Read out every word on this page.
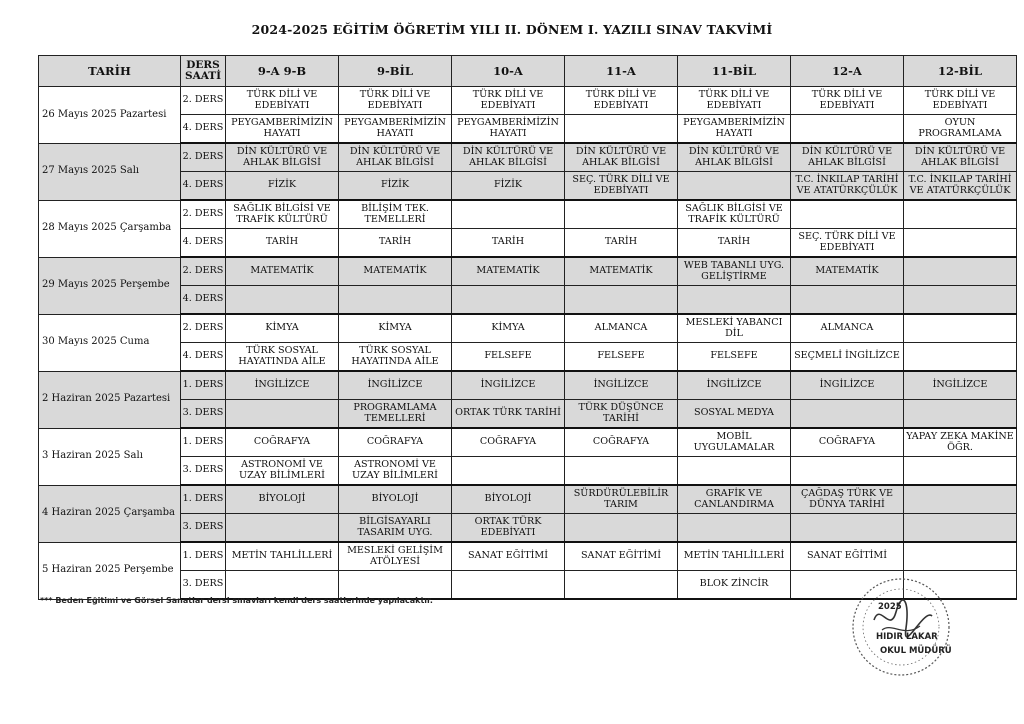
2024-2025 EĞİTİM ÖĞRETİM YILI II. DÖNEM I. YAZILI SINAV TAKVİMİ
TARİH	DERS SAATİ	9-A 9-B	9-BİL	10-A	11-A	11-BİL	12-A	12-BİL
26 Mayıs 2025 Pazartesi	2. DERS	TÜRK DİLİ VE EDEBİYATI	TÜRK DİLİ VE EDEBİYATI	TÜRK DİLİ VE EDEBİYATI	TÜRK DİLİ VE EDEBİYATI	TÜRK DİLİ VE EDEBİYATI	TÜRK DİLİ VE EDEBİYATI	TÜRK DİLİ VE EDEBİYATI
	4. DERS	PEYGAMBERİMİZİN HAYATI	PEYGAMBERİMİZİN HAYATI	PEYGAMBERİMİZİN HAYATI		PEYGAMBERİMİZİN HAYATI		OYUN PROGRAMLAMA
27 Mayıs 2025 Salı	2. DERS	DİN KÜLTÜRÜ VE AHLAK BİLGİSİ	DİN KÜLTÜRÜ VE AHLAK BİLGİSİ	DİN KÜLTÜRÜ VE AHLAK BİLGİSİ	DİN KÜLTÜRÜ VE AHLAK BİLGİSİ	DİN KÜLTÜRÜ VE AHLAK BİLGİSİ	DİN KÜLTÜRÜ VE AHLAK BİLGİSİ	DİN KÜLTÜRÜ VE AHLAK BİLGİSİ
	4. DERS	FİZİK	FİZİK	FİZİK	SEÇ. TÜRK DİLİ VE EDEBİYATI		T.C. İNKILAP TARİHİ VE ATATÜRKÇÜLÜK	T.C. İNKILAP TARİHİ VE ATATÜRKÇÜLÜK
28 Mayıs 2025 Çarşamba	2. DERS	SAĞLIK BİLGİSİ VE TRAFİK KÜLTÜRÜ	BİLİŞİM TEK. TEMELLERİ			SAĞLIK BİLGİSİ VE TRAFİK KÜLTÜRÜ		
	4. DERS	TARİH	TARİH	TARİH	TARİH	TARİH	SEÇ. TÜRK DİLİ VE EDEBİYATI	
29 Mayıs 2025 Perşembe	2. DERS	MATEMATİK	MATEMATİK	MATEMATİK	MATEMATİK	WEB TABANLI UYG. GELİŞTİRME	MATEMATİK	
	4. DERS							
30 Mayıs 2025 Cuma	2. DERS	KİMYA	KİMYA	KİMYA	ALMANCA	MESLEKİ YABANCI DİL	ALMANCA	
	4. DERS	TÜRK SOSYAL HAYATINDA AİLE	TÜRK SOSYAL HAYATINDA AİLE	FELSEFE	FELSEFE	FELSEFE	SEÇMELİ İNGİLİZCE	
2 Haziran 2025 Pazartesi	1. DERS	İNGİLİZCE	İNGİLİZCE	İNGİLİZCE	İNGİLİZCE	İNGİLİZCE	İNGİLİZCE	İNGİLİZCE
	3. DERS		PROGRAMLAMA TEMELLERİ	ORTAK TÜRK TARİHİ	TÜRK DÜŞÜNCE TARİHİ	SOSYAL MEDYA		
3 Haziran 2025 Salı	1. DERS	COĞRAFYA	COĞRAFYA	COĞRAFYA	COĞRAFYA	MOBİL UYGULAMALAR	COĞRAFYA	YAPAY ZEKA MAKİNE ÖĞR.
	3. DERS	ASTRONOMİ VE UZAY BİLİMLERİ	ASTRONOMİ VE UZAY BİLİMLERİ					
4 Haziran 2025 Çarşamba	1. DERS	BİYOLOJİ	BİYOLOJİ	BİYOLOJİ	SÜRDÜRÜLEBİLİR TARIM	GRAFİK VE CANLANDIRMA	ÇAĞDAŞ TÜRK VE DÜNYA TARİHİ	
	3. DERS		BİLGİSAYARLI TASARIM UYG.	ORTAK TÜRK EDEBİYATI				
5 Haziran 2025 Perşembe	1. DERS	METİN TAHLİLLERİ	MESLEKİ GELİŞİM ATÖLYESİ	SANAT EĞİTİMİ	SANAT EĞİTİMİ	METİN TAHLİLLERİ	SANAT EĞİTİMİ	
	3. DERS					BLOK ZİNCİR		
*** Beden Eğitimi ve Görsel Sanatlar dersi sınavları kendi ders saatlerinde yapılacaktır.
2025
HIDIR LAKAR
OKUL MÜDÜRÜ
